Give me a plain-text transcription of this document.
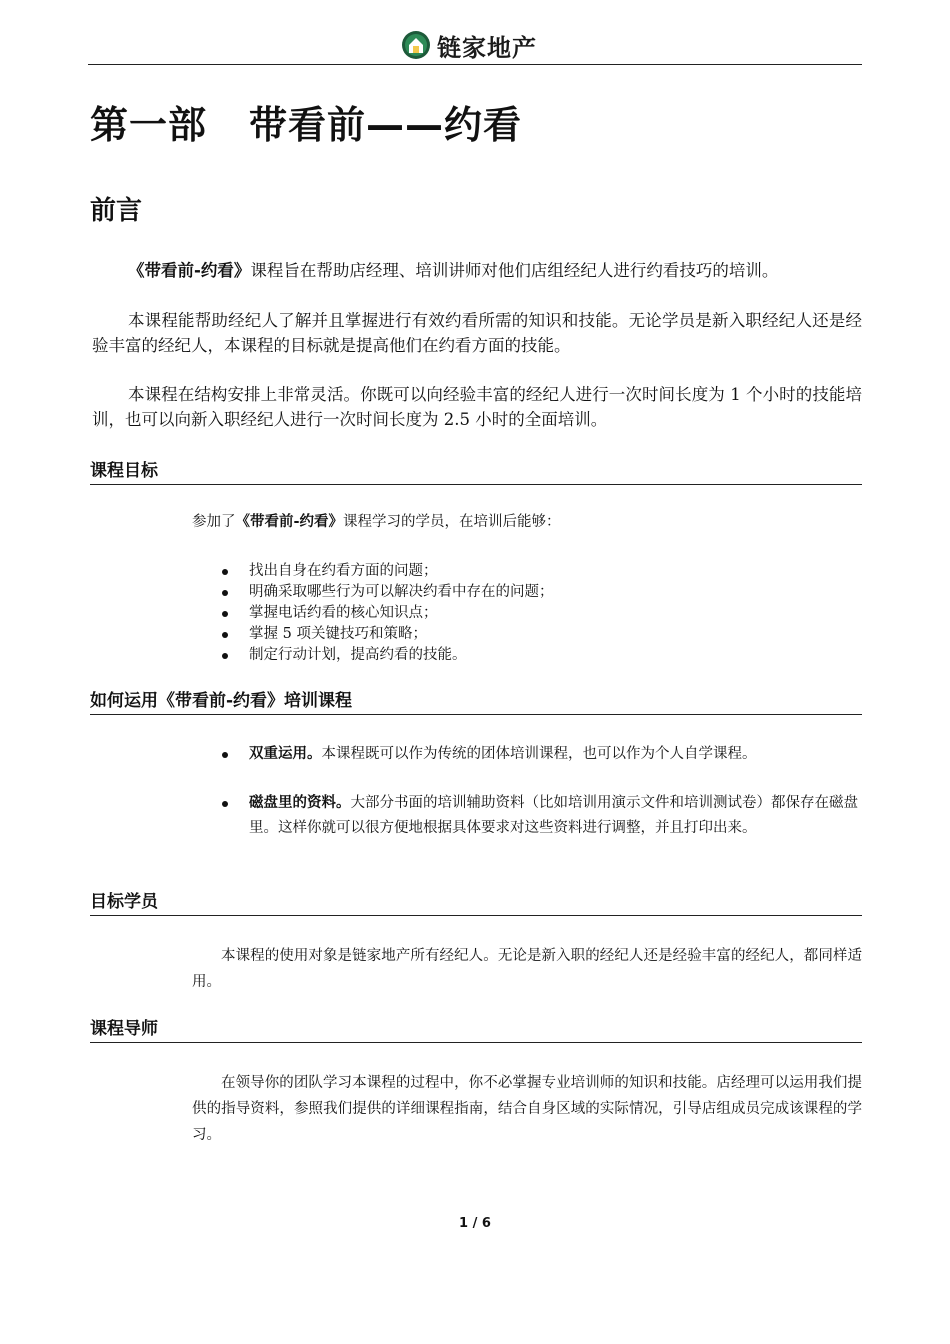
链家地产
第一部 带看前——约看
前言
《带看前-约看》课程旨在帮助店经理、培训讲师对他们店组经纪人进行约看技巧的培训。
本课程能帮助经纪人了解并且掌握进行有效约看所需的知识和技能。无论学员是新入职经纪人还是经验丰富的经纪人，本课程的目标就是提高他们在约看方面的技能。
本课程在结构安排上非常灵活。你既可以向经验丰富的经纪人进行一次时间长度为 1 个小时的技能培训，也可以向新入职经纪人进行一次时间长度为 2.5 小时的全面培训。
课程目标
参加了《带看前-约看》课程学习的学员，在培训后能够：
找出自身在约看方面的问题；
明确采取哪些行为可以解决约看中存在的问题；
掌握电话约看的核心知识点；
掌握 5 项关键技巧和策略；
制定行动计划，提高约看的技能。
如何运用《带看前-约看》培训课程
双重运用。本课程既可以作为传统的团体培训课程，也可以作为个人自学课程。
磁盘里的资料。大部分书面的培训辅助资料（比如培训用演示文件和培训测试卷）都保存在磁盘里。这样你就可以很方便地根据具体要求对这些资料进行调整，并且打印出来。
目标学员
本课程的使用对象是链家地产所有经纪人。无论是新入职的经纪人还是经验丰富的经纪人，都同样适用。
课程导师
在领导你的团队学习本课程的过程中，你不必掌握专业培训师的知识和技能。店经理可以运用我们提供的指导资料，参照我们提供的详细课程指南，结合自身区域的实际情况，引导店组成员完成该课程的学习。
1 / 6
